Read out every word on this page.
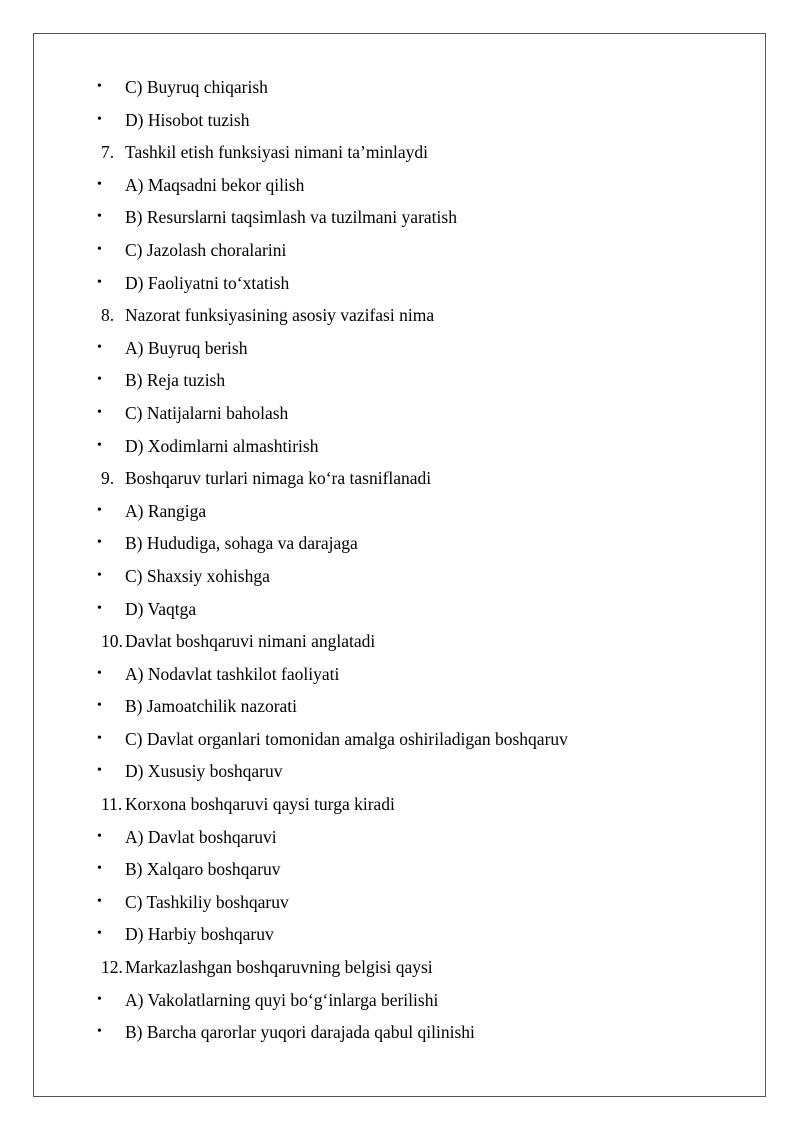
• C) Buyruq chiqarish
• D) Hisobot tuzish
7. Tashkil etish funksiyasi nimani ta’minlaydi
• A) Maqsadni bekor qilish
• B) Resurslarni taqsimlash va tuzilmani yaratish
• C) Jazolash choralarini
• D) Faoliyatni to‘xtatish
8. Nazorat funksiyasining asosiy vazifasi nima
• A) Buyruq berish
• B) Reja tuzish
• C) Natijalarni baholash
• D) Xodimlarni almashtirish
9. Boshqaruv turlari nimaga ko‘ra tasniflanadi
• A) Rangiga
• B) Hududiga, sohaga va darajaga
• C) Shaxsiy xohishga
• D) Vaqtga
10. Davlat boshqaruvi nimani anglatadi
• A) Nodavlat tashkilot faoliyati
• B) Jamoatchilik nazorati
• C) Davlat organlari tomonidan amalga oshiriladigan boshqaruv
• D) Xususiy boshqaruv
11. Korxona boshqaruvi qaysi turga kiradi
• A) Davlat boshqaruvi
• B) Xalqaro boshqaruv
• C) Tashkiliy boshqaruv
• D) Harbiy boshqaruv
12. Markazlashgan boshqaruvning belgisi qaysi
• A) Vakolatlarning quyi bo‘g‘inlarga berilishi
• B) Barcha qarorlar yuqori darajada qabul qilinishi
